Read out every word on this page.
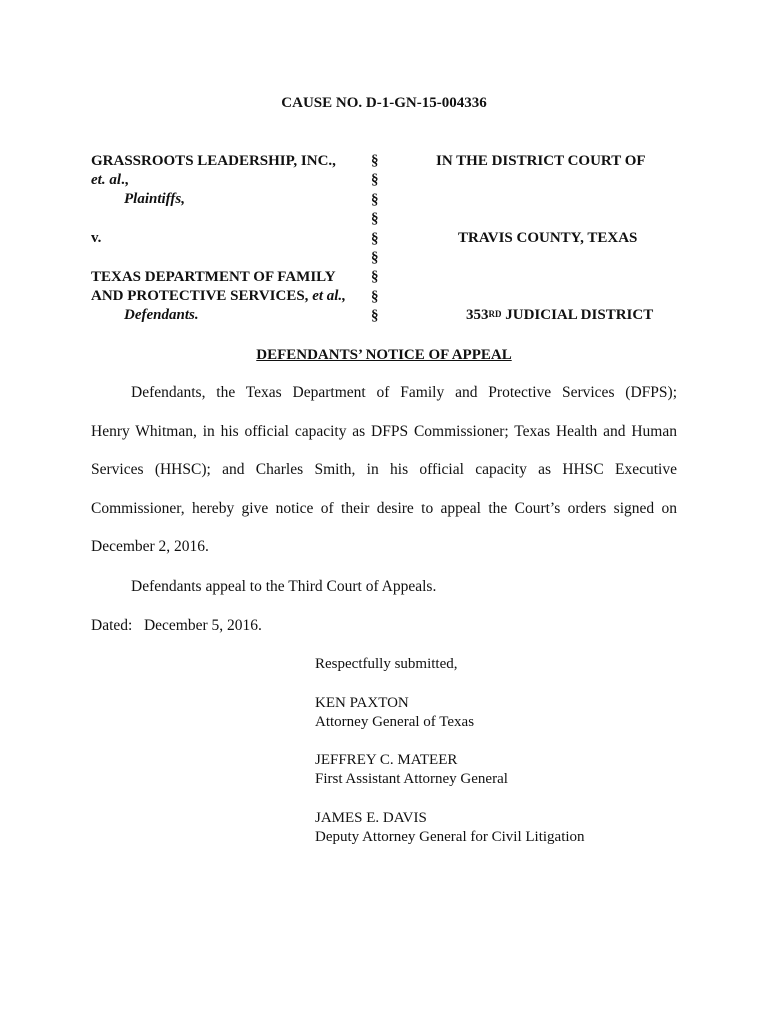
CAUSE NO. D-1-GN-15-004336
GRASSROOTS LEADERSHIP, INC.,
et. al.,
Plaintiffs,
v.
TEXAS DEPARTMENT OF FAMILY
AND PROTECTIVE SERVICES, et al.,
Defendants.
§
§
§
§
§
§
§
§
§
IN THE DISTRICT COURT OF
TRAVIS COUNTY, TEXAS
353RD JUDICIAL DISTRICT
DEFENDANTS’ NOTICE OF APPEAL
Defendants, the Texas Department of Family and Protective Services (DFPS);
Henry Whitman, in his official capacity as DFPS Commissioner; Texas Health and Human
Services (HHSC); and Charles Smith, in his official capacity as HHSC Executive
Commissioner, hereby give notice of their desire to appeal the Court’s orders signed on
December 2, 2016.
Defendants appeal to the Third Court of Appeals.
Dated:   December 5, 2016.
Respectfully submitted,
KEN PAXTON
Attorney General of Texas
JEFFREY C. MATEER
First Assistant Attorney General
JAMES E. DAVIS
Deputy Attorney General for Civil Litigation
